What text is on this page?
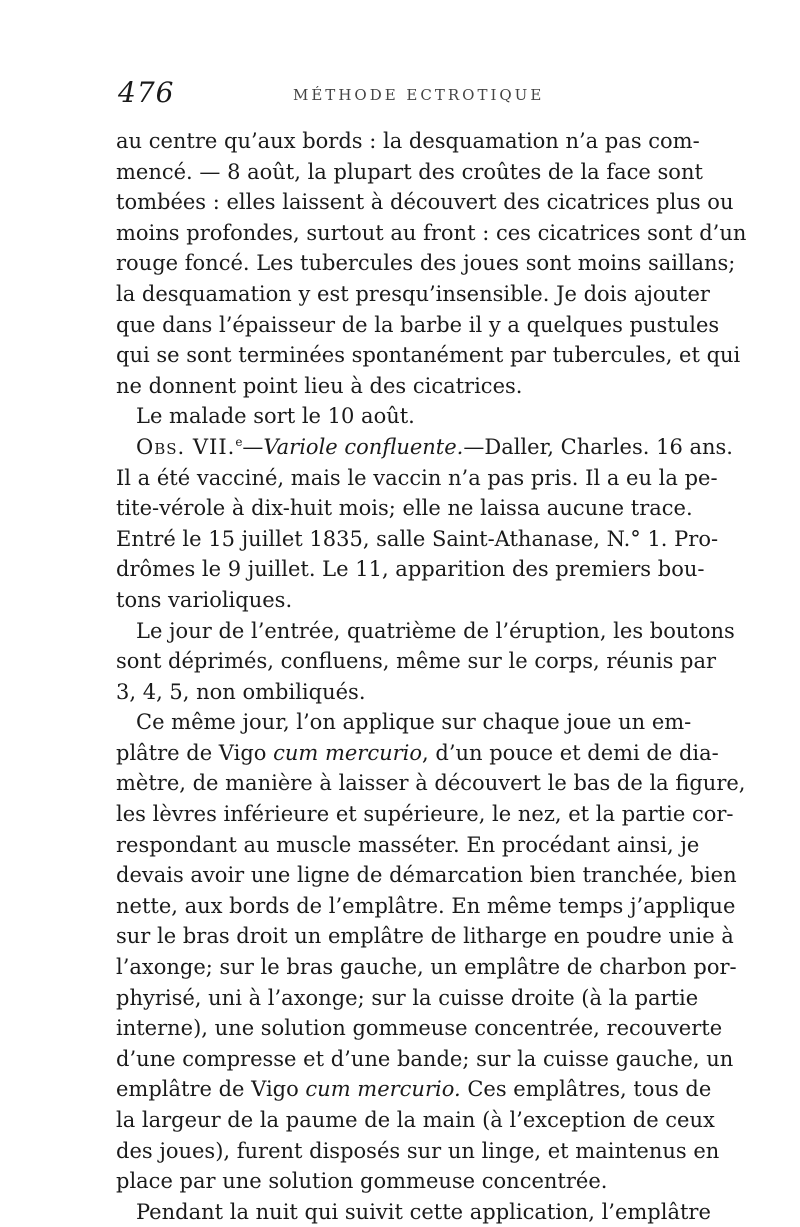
476	MÉTHODE ECTROTIQUE
au centre qu’aux bords : la desquamation n’a pas com-
mencé. — 8 août, la plupart des croûtes de la face sont
tombées : elles laissent à découvert des cicatrices plus ou
moins profondes, surtout au front : ces cicatrices sont d’un
rouge foncé. Les tubercules des joues sont moins saillans;
la desquamation y est presqu’insensible. Je dois ajouter
que dans l’épaisseur de la barbe il y a quelques pustules
qui se sont terminées spontanément par tubercules, et qui
ne donnent point lieu à des cicatrices.
Le malade sort le 10 août.
Obs. VII.$^e$—Variole confluente.—Daller, Charles. 16 ans.
Il a été vacciné, mais le vaccin n’a pas pris. Il a eu la pe-
tite-vérole à dix-huit mois; elle ne laissa aucune trace.
Entré le 15 juillet 1835, salle Saint-Athanase, N.° 1. Pro-
drômes le 9 juillet. Le 11, apparition des premiers bou-
tons varioliques.
Le jour de l’entrée, quatrième de l’éruption, les boutons
sont déprimés, confluens, même sur le corps, réunis par
3, 4, 5, non ombiliqués.
Ce même jour, l’on applique sur chaque joue un em-
plâtre de Vigo cum mercurio, d’un pouce et demi de dia-
mètre, de manière à laisser à découvert le bas de la figure,
les lèvres inférieure et supérieure, le nez, et la partie cor-
respondant au muscle masséter. En procédant ainsi, je
devais avoir une ligne de démarcation bien tranchée, bien
nette, aux bords de l’emplâtre. En même temps j’applique
sur le bras droit un emplâtre de litharge en poudre unie à
l’axonge; sur le bras gauche, un emplâtre de charbon por-
phyrisé, uni à l’axonge; sur la cuisse droite (à la partie
interne), une solution gommeuse concentrée, recouverte
d’une compresse et d’une bande; sur la cuisse gauche, un
emplâtre de Vigo cum mercurio. Ces emplâtres, tous de
la largeur de la paume de la main (à l’exception de ceux
des joues), furent disposés sur un linge, et maintenus en
place par une solution gommeuse concentrée.
Pendant la nuit qui suivit cette application, l’emplâtre
